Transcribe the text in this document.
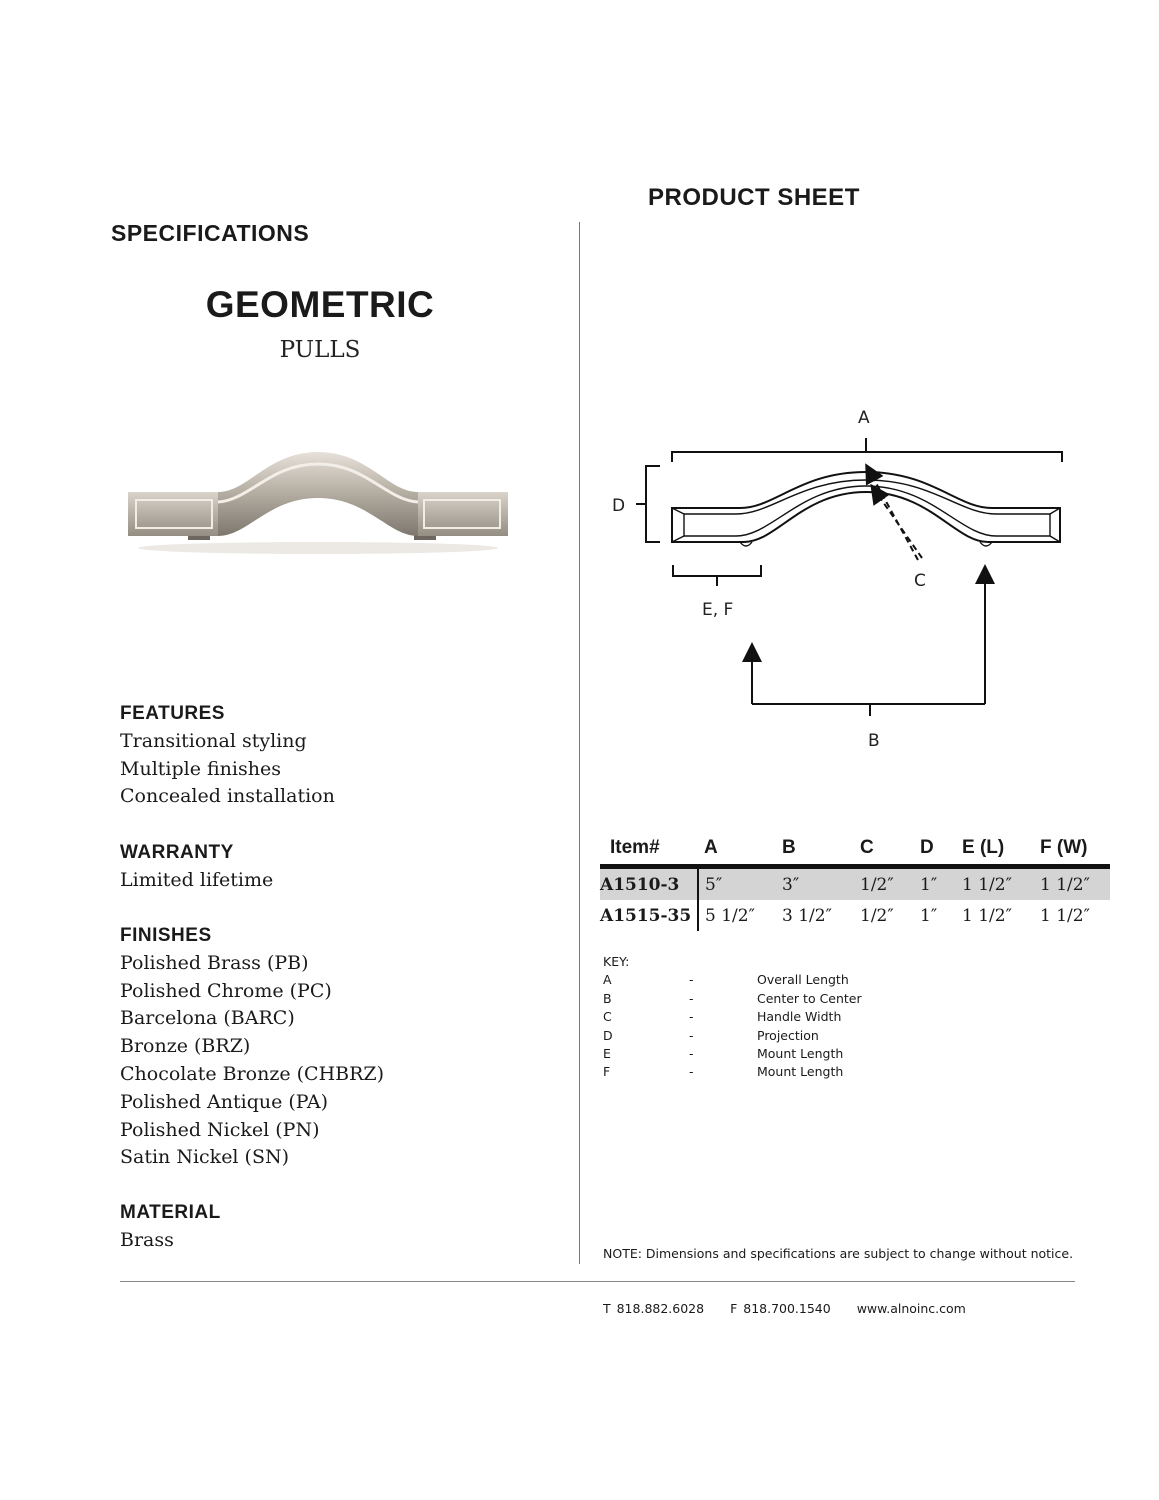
SPECIFICATIONS
PRODUCT SHEET
GEOMETRIC
PULLS
FEATURES
Transitional styling
Multiple finishes
Concealed installation
WARRANTY
Limited lifetime
FINISHES
Polished Brass (PB)
Polished Chrome (PC)
Barcelona (BARC)
Bronze (BRZ)
Chocolate Bronze (CHBRZ)
Polished Antique (PA)
Polished Nickel (PN)
Satin Nickel (SN)
MATERIAL
Brass
A
D
C
E, F
B
Item#	A	B	C	D	E (L)	F (W)
A1510-3	5″	3″	1/2″	1″	1 1/2″	1 1/2″
A1515-35	5 1/2″	3 1/2″	1/2″	1″	1 1/2″	1 1/2″
KEY:
A	-	Overall Length
B	-	Center to Center
C	-	Handle Width
D	-	Projection
E	-	Mount Length
F	-	Mount Length
NOTE: Dimensions and specifications are subject to change without notice.
T 818.882.6028 F 818.700.1540 www.alnoinc.com
